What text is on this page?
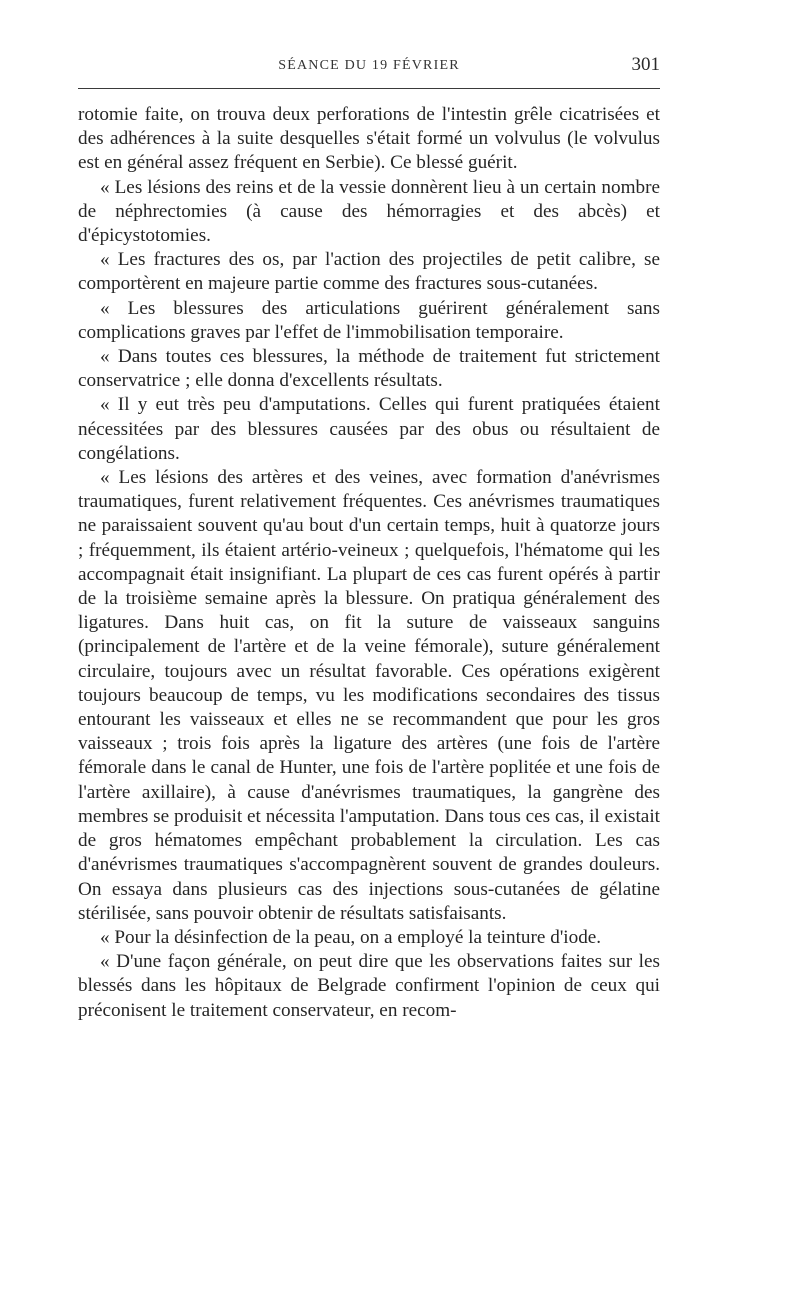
SÉANCE DU 19 FÉVRIER	301

rotomie faite, on trouva deux perforations de l'intestin grêle cicatrisées et des adhérences à la suite desquelles s'était formé un volvulus (le volvulus est en général assez fréquent en Serbie). Ce blessé guérit.

« Les lésions des reins et de la vessie donnèrent lieu à un certain nombre de néphrectomies (à cause des hémorragies et des abcès) et d'épicystotomies.

« Les fractures des os, par l'action des projectiles de petit calibre, se comportèrent en majeure partie comme des fractures sous-cutanées.

« Les blessures des articulations guérirent généralement sans complications graves par l'effet de l'immobilisation temporaire.

« Dans toutes ces blessures, la méthode de traitement fut strictement conservatrice ; elle donna d'excellents résultats.

« Il y eut très peu d'amputations. Celles qui furent pratiquées étaient nécessitées par des blessures causées par des obus ou résultaient de congélations.

« Les lésions des artères et des veines, avec formation d'anévrismes traumatiques, furent relativement fréquentes. Ces anévrismes traumatiques ne paraissaient souvent qu'au bout d'un certain temps, huit à quatorze jours ; fréquemment, ils étaient artério-veineux ; quelquefois, l'hématome qui les accompagnait était insignifiant. La plupart de ces cas furent opérés à partir de la troisième semaine après la blessure. On pratiqua généralement des ligatures. Dans huit cas, on fit la suture de vaisseaux sanguins (principalement de l'artère et de la veine fémorale), suture généralement circulaire, toujours avec un résultat favorable. Ces opérations exigèrent toujours beaucoup de temps, vu les modifications secondaires des tissus entourant les vaisseaux et elles ne se recommandent que pour les gros vaisseaux ; trois fois après la ligature des artères (une fois de l'artère fémorale dans le canal de Hunter, une fois de l'artère poplitée et une fois de l'artère axillaire), à cause d'anévrismes traumatiques, la gangrène des membres se produisit et nécessita l'amputation. Dans tous ces cas, il existait de gros hématomes empêchant probablement la circulation. Les cas d'anévrismes traumatiques s'accompagnèrent souvent de grandes douleurs. On essaya dans plusieurs cas des injections sous-cutanées de gélatine stérilisée, sans pouvoir obtenir de résultats satisfaisants.

« Pour la désinfection de la peau, on a employé la teinture d'iode.

« D'une façon générale, on peut dire que les observations faites sur les blessés dans les hôpitaux de Belgrade confirment l'opinion de ceux qui préconisent le traitement conservateur, en recom-
